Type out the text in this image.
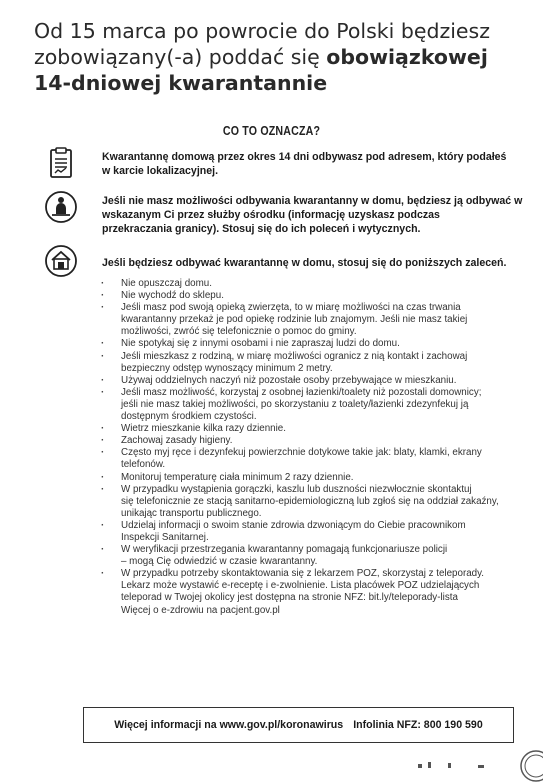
Od 15 marca po powrocie do Polski będziesz
zobowiązany(-a) poddać się obowiązkowej
14-dniowej kwarantannie
CO TO OZNACZA?
Kwarantannę domową przez okres 14 dni odbywasz pod adresem, który podałeś
w karcie lokalizacyjnej.
Jeśli nie masz możliwości odbywania kwarantanny w domu, będziesz ją odbywać w
wskazanym Ci przez służby ośrodku (informację uzyskasz podczas
przekraczania granicy). Stosuj się do ich poleceń i wytycznych.
Jeśli będziesz odbywać kwarantannę w domu, stosuj się do poniższych zaleceń.
· Nie opuszczaj domu.
· Nie wychodź do sklepu.
· Jeśli masz pod swoją opieką zwierzęta, to w miarę możliwości na czas trwania
kwarantanny przekaż je pod opiekę rodzinie lub znajomym. Jeśli nie masz takiej
możliwości, zwróć się telefonicznie o pomoc do gminy.
· Nie spotykaj się z innymi osobami i nie zapraszaj ludzi do domu.
· Jeśli mieszkasz z rodziną, w miarę możliwości ogranicz z nią kontakt i zachowaj
bezpieczny odstęp wynoszący minimum 2 metry.
· Używaj oddzielnych naczyń niż pozostałe osoby przebywające w mieszkaniu.
· Jeśli masz możliwość, korzystaj z osobnej łazienki/toalety niż pozostali domownicy;
jeśli nie masz takiej możliwości, po skorzystaniu z toalety/łazienki zdezynfekuj ją
dostępnym środkiem czystości.
· Wietrz mieszkanie kilka razy dziennie.
· Zachowaj zasady higieny.
· Często myj ręce i dezynfekuj powierzchnie dotykowe takie jak: blaty, klamki, ekrany
telefonów.
· Monitoruj temperaturę ciała minimum 2 razy dziennie.
· W przypadku wystąpienia gorączki, kaszlu lub duszności niezwłocznie skontaktuj
się telefonicznie ze stacją sanitarno-epidemiologiczną lub zgłoś się na oddział zakaźny,
unikając transportu publicznego.
· Udzielaj informacji o swoim stanie zdrowia dzwoniącym do Ciebie pracownikom
Inspekcji Sanitarnej.
· W weryfikacji przestrzegania kwarantanny pomagają funkcjonariusze policji
– mogą Cię odwiedzić w czasie kwarantanny.
· W przypadku potrzeby skontaktowania się z lekarzem POZ, skorzystaj z teleporady.
Lekarz może wystawić e-receptę i e-zwolnienie. Lista placówek POZ udzielających
teleporad w Twojej okolicy jest dostępna na stronie NFZ: bit.ly/teleporady-lista
Więcej o e-zdrowiu na pacjent.gov.pl
Więcej informacji na www.gov.pl/koronawirus Infolinia NFZ: 800 190 590
